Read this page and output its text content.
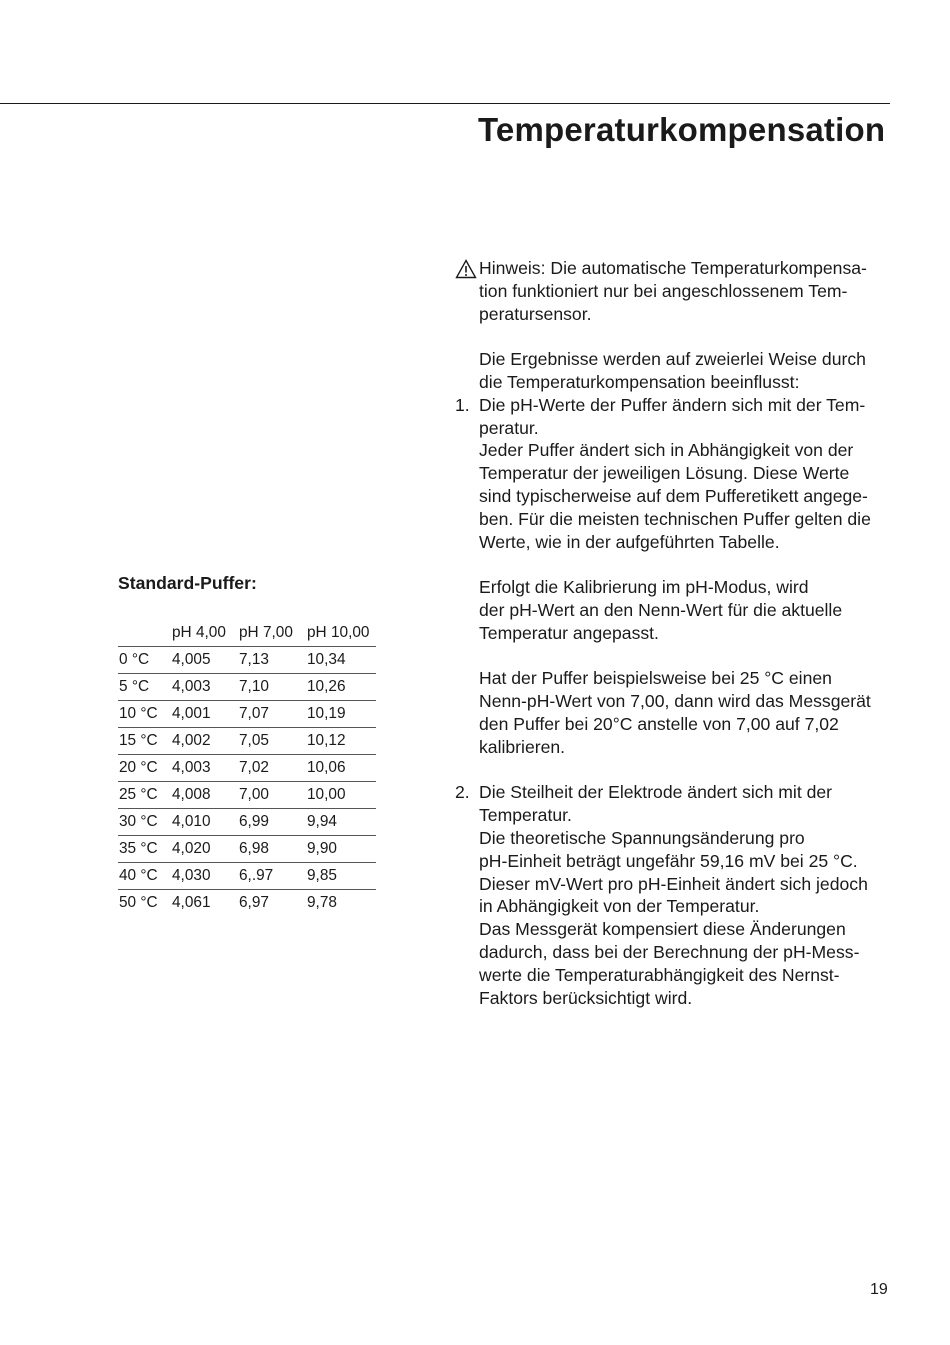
Temperaturkompensation
Hinweis: Die automatische Temperaturkompensa-
tion funktioniert nur bei angeschlossenem Tem-
peratursensor.
Die Ergebnisse werden auf zweierlei Weise durch
die Temperaturkompensation beeinflusst:
1. Die pH-Werte der Puffer ändern sich mit der Tem-
peratur.
Jeder Puffer ändert sich in Abhängigkeit von der
Temperatur der jeweiligen Lösung. Diese Werte
sind typischerweise auf dem Pufferetikett angege-
ben. Für die meisten technischen Puffer gelten die
Werte, wie in der aufgeführten Tabelle.
Erfolgt die Kalibrierung im pH-Modus, wird
der pH-Wert an den Nenn-Wert für die aktuelle
Temperatur angepasst.
Hat der Puffer beispielsweise bei 25 °C einen
Nenn-pH-Wert von 7,00, dann wird das Messgerät
den Puffer bei 20°C anstelle von 7,00 auf 7,02
kalibrieren.
2. Die Steilheit der Elektrode ändert sich mit der
Temperatur.
Die theoretische Spannungsänderung pro
pH-Einheit beträgt ungefähr 59,16 mV bei 25 °C.
Dieser mV-Wert pro pH-Einheit ändert sich jedoch
in Abhängigkeit von der Temperatur.
Das Messgerät kompensiert diese Änderungen
dadurch, dass bei der Berechnung der pH-Mess-
werte die Temperaturabhängigkeit des Nernst-
Faktors berücksichtigt wird.
Standard-Puffer:
	pH 4,00	pH 7,00	pH 10,00
0 °C	4,005	7,13	10,34
5 °C	4,003	7,10	10,26
10 °C	4,001	7,07	10,19
15 °C	4,002	7,05	10,12
20 °C	4,003	7,02	10,06
25 °C	4,008	7,00	10,00
30 °C	4,010	6,99	9,94
35 °C	4,020	6,98	9,90
40 °C	4,030	6,.97	9,85
50 °C	4,061	6,97	9,78
19
